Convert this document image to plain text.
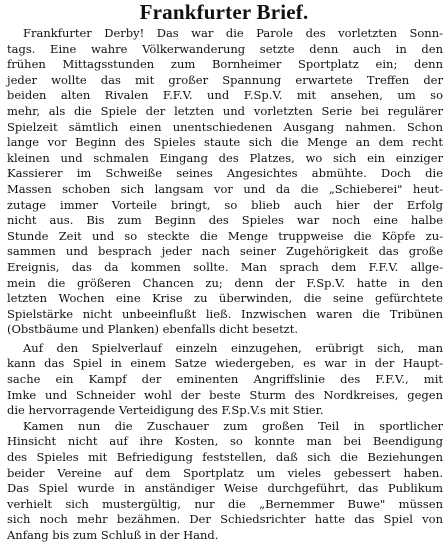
Frankfurter Brief.
Frankfurter Derby! Das war die Parole des vorletzten Sonn-
tags. Eine wahre Völkerwanderung setzte denn auch in den
frühen Mittagsstunden zum Bornheimer Sportplatz ein; denn
jeder wollte das mit großer Spannung erwartete Treffen der
beiden alten Rivalen F.F.V. und F.Sp.V. mit ansehen, um so
mehr, als die Spiele der letzten und vorletzten Serie bei regulärer
Spielzeit sämtlich einen unentschiedenen Ausgang nahmen. Schon
lange vor Beginn des Spieles staute sich die Menge an dem recht
kleinen und schmalen Eingang des Platzes, wo sich ein einziger
Kassierer im Schweiße seines Angesichtes abmühte. Doch die
Massen schoben sich langsam vor und da die „Schieberei" heut-
zutage immer Vorteile bringt, so blieb auch hier der Erfolg
nicht aus. Bis zum Beginn des Spieles war noch eine halbe
Stunde Zeit und so steckte die Menge truppweise die Köpfe zu-
sammen und besprach jeder nach seiner Zugehörigkeit das große
Ereignis, das da kommen sollte. Man sprach dem F.F.V. allge-
mein die größeren Chancen zu; denn der F.Sp.V. hatte in den
letzten Wochen eine Krise zu überwinden, die seine gefürchtete
Spielstärke nicht unbeeinflußt ließ. Inzwischen waren die Tribünen
(Obstbäume und Planken) ebenfalls dicht besetzt.
Auf den Spielverlauf einzeln einzugehen, erübrigt sich, man
kann das Spiel in einem Satze wiedergeben, es war in der Haupt-
sache ein Kampf der eminenten Angriffslinie des F.F.V., mit
Imke und Schneider wohl der beste Sturm des Nordkreises, gegen
die hervorragende Verteidigung des F.Sp.V.s mit Stier.
Kamen nun die Zuschauer zum großen Teil in sportlicher
Hinsicht nicht auf ihre Kosten, so konnte man bei Beendigung
des Spieles mit Befriedigung feststellen, daß sich die Beziehungen
beider Vereine auf dem Sportplatz um vieles gebessert haben.
Das Spiel wurde in anständiger Weise durchgeführt, das Publikum
verhielt sich mustergültig, nur die „Bernemmer Buwe" müssen
sich noch mehr bezähmen. Der Schiedsrichter hatte das Spiel von
Anfang bis zum Schluß in der Hand.
